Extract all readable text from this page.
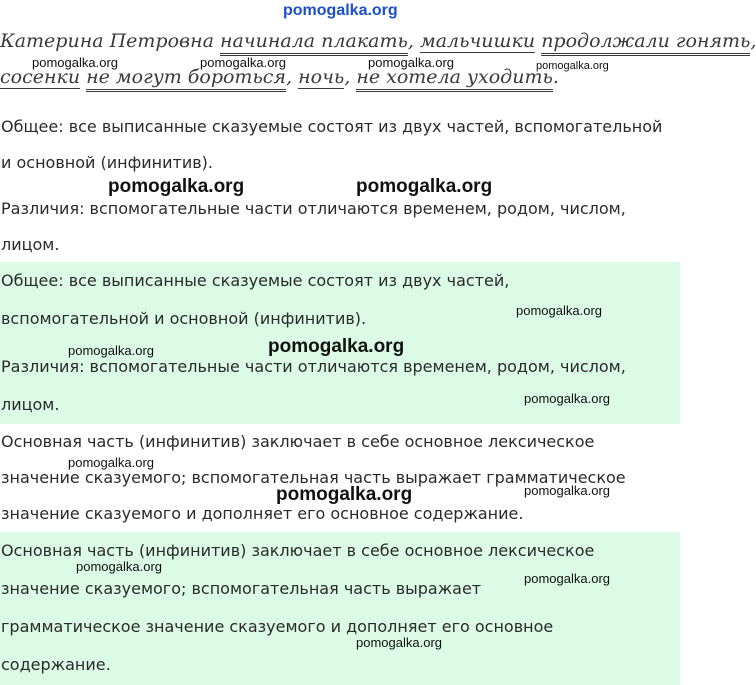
pomogalka.org
Катерина Петровна начинала плакать, мальчишки продолжали гонять,
сосенки не могут бороться, ночь, не хотела уходить.
Общее: все выписанные сказуемые состоят из двух частей, вспомогательной
и основной (инфинитив).
Различия: вспомогательные части отличаются временем, родом, числом,
лицом.
Общее: все выписанные сказуемые состоят из двух частей,
вспомогательной и основной (инфинитив).
Различия: вспомогательные части отличаются временем, родом, числом,
лицом.
Основная часть (инфинитив) заключает в себе основное лексическое
значение сказуемого; вспомогательная часть выражает грамматическое
значение сказуемого и дополняет его основное содержание.
Основная часть (инфинитив) заключает в себе основное лексическое
значение сказуемого; вспомогательная часть выражает
грамматическое значение сказуемого и дополняет его основное
содержание.
pomogalka.org	pomogalka.org	pomogalka.org	pomogalka.org
pomogalka.org	pomogalka.org
pomogalka.org
pomogalka.org
pomogalka.org
pomogalka.org
pomogalka.org
pomogalka.org	pomogalka.org
pomogalka.org
pomogalka.org
pomogalka.org
